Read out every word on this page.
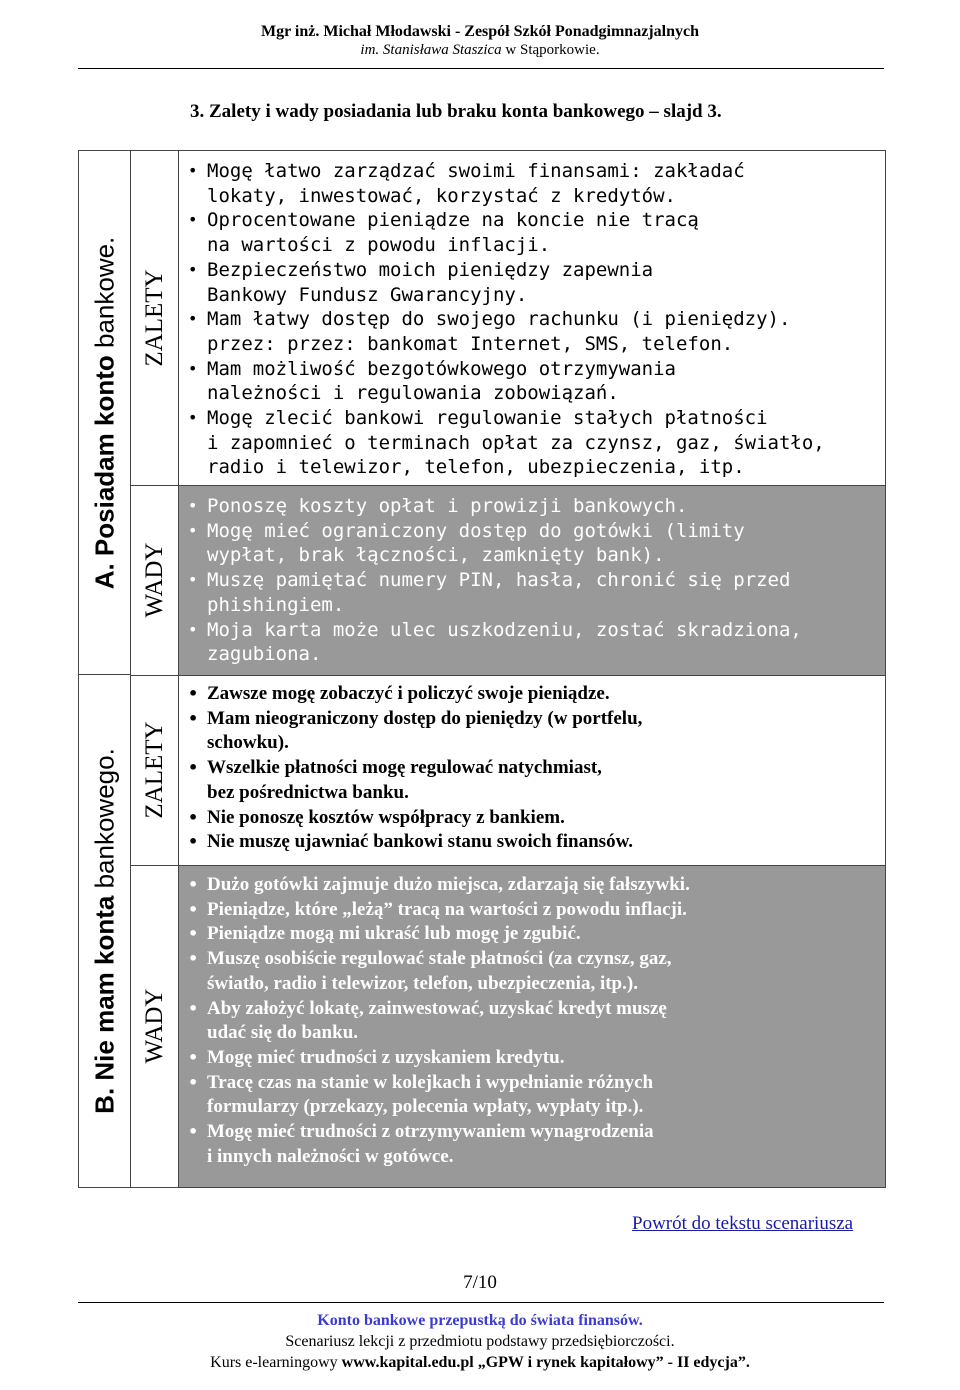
Mgr inż. Michał Młodawski - Zespół Szkół Ponadgimnazjalnych
im. Stanisława Staszica w Stąporkowie.
3. Zalety i wady posiadania lub braku konta bankowego – slajd 3.
A. Posiadam konto bankowe.
B. Nie mam konta bankowego.
ZALETY
WADY
ZALETY
WADY
• Mogę łatwo zarządzać swoimi finansami: zakładać
lokaty, inwestować, korzystać z kredytów.
• Oprocentowane pieniądze na koncie nie tracą
na wartości z powodu inflacji.
• Bezpieczeństwo moich pieniędzy zapewnia
Bankowy Fundusz Gwarancyjny.
• Mam łatwy dostęp do swojego rachunku (i pieniędzy).
przez: przez: bankomat Internet, SMS, telefon.
• Mam możliwość bezgotówkowego otrzymywania
należności i regulowania zobowiązań.
• Mogę zlecić bankowi regulowanie stałych płatności
i zapomnieć o terminach opłat za czynsz, gaz, światło,
radio i telewizor, telefon, ubezpieczenia, itp.
• Ponoszę koszty opłat i prowizji bankowych.
• Mogę mieć ograniczony dostęp do gotówki (limity
wypłat, brak łączności, zamknięty bank).
• Muszę pamiętać numery PIN, hasła, chronić się przed
phishingiem.
• Moja karta może ulec uszkodzeniu, zostać skradziona,
zagubiona.
• Zawsze mogę zobaczyć i policzyć swoje pieniądze.
• Mam nieograniczony dostęp do pieniędzy (w portfelu,
schowku).
• Wszelkie płatności mogę regulować natychmiast,
bez pośrednictwa banku.
• Nie ponoszę kosztów współpracy z bankiem.
• Nie muszę ujawniać bankowi stanu swoich finansów.
• Dużo gotówki zajmuje dużo miejsca, zdarzają się fałszywki.
• Pieniądze, które „leżą” tracą na wartości z powodu inflacji.
• Pieniądze mogą mi ukraść lub mogę je zgubić.
• Muszę osobiście regulować stałe płatności (za czynsz, gaz,
światło, radio i telewizor, telefon, ubezpieczenia, itp.).
• Aby założyć lokatę, zainwestować, uzyskać kredyt muszę
udać się do banku.
• Mogę mieć trudności z uzyskaniem kredytu.
• Tracę czas na stanie w kolejkach i wypełnianie różnych
formularzy (przekazy, polecenia wpłaty, wypłaty itp.).
• Mogę mieć trudności z otrzymywaniem wynagrodzenia
i innych należności w gotówce.
Powrót do tekstu scenariusza
7/10
Konto bankowe przepustką do świata finansów.
Scenariusz lekcji z przedmiotu podstawy przedsiębiorczości.
Kurs e-learningowy www.kapital.edu.pl „GPW i rynek kapitałowy” - II edycja”.
